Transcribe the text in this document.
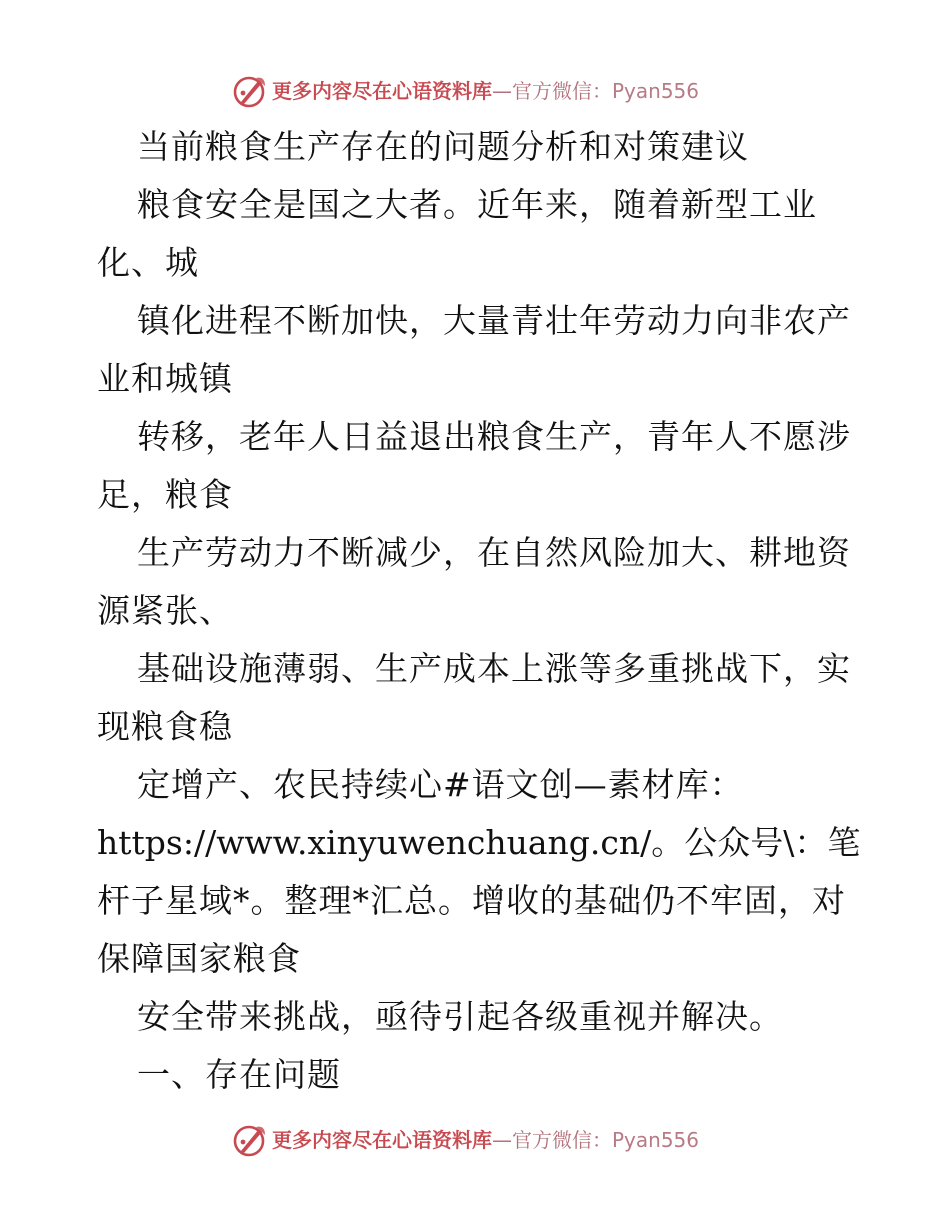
更多内容尽在心语资料库—官方微信：Pyan556

当前粮食生产存在的问题分析和对策建议

粮食安全是国之大者。近年来，随着新型工业

化、城

镇化进程不断加快，大量青壮年劳动力向非农产

业和城镇

转移，老年人日益退出粮食生产，青年人不愿涉

足，粮食

生产劳动力不断减少，在自然风险加大、耕地资

源紧张、

基础设施薄弱、生产成本上涨等多重挑战下，实

现粮食稳

定增产、农民持续心#语文创—素材库：

https://www.xinyuwenchuang.cn/。公众号\：笔

杆子星域*。整理*汇总。增收的基础仍不牢固，对

保障国家粮食

安全带来挑战，亟待引起各级重视并解决。

一、存在问题

更多内容尽在心语资料库—官方微信：Pyan556
